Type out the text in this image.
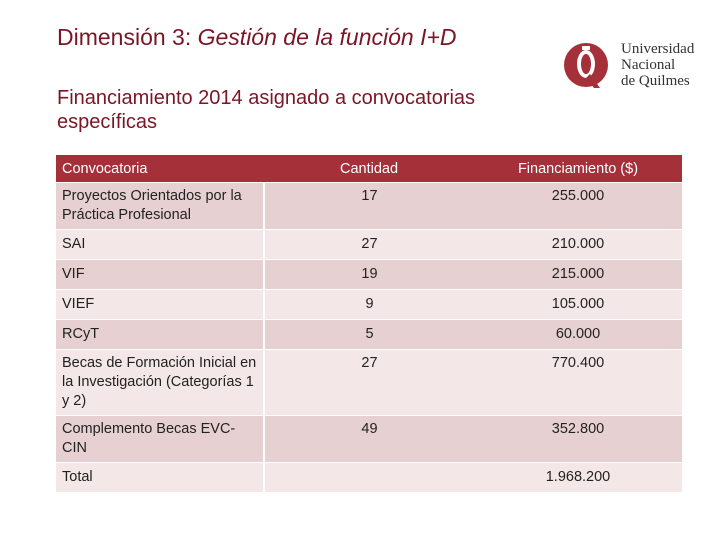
Dimensión 3: Gestión de la función I+D
Financiamiento 2014 asignado a convocatorias específicas
Universidad
Nacional
de Quilmes
Convocatoria	Cantidad	Financiamiento ($)
Proyectos Orientados por la Práctica Profesional	17	255.000
SAI	27	210.000
VIF	19	215.000
VIEF	9	105.000
RCyT	5	60.000
Becas de Formación Inicial en la Investigación (Categorías 1 y 2)	27	770.400
Complemento Becas EVC-CIN	49	352.800
Total		1.968.200
